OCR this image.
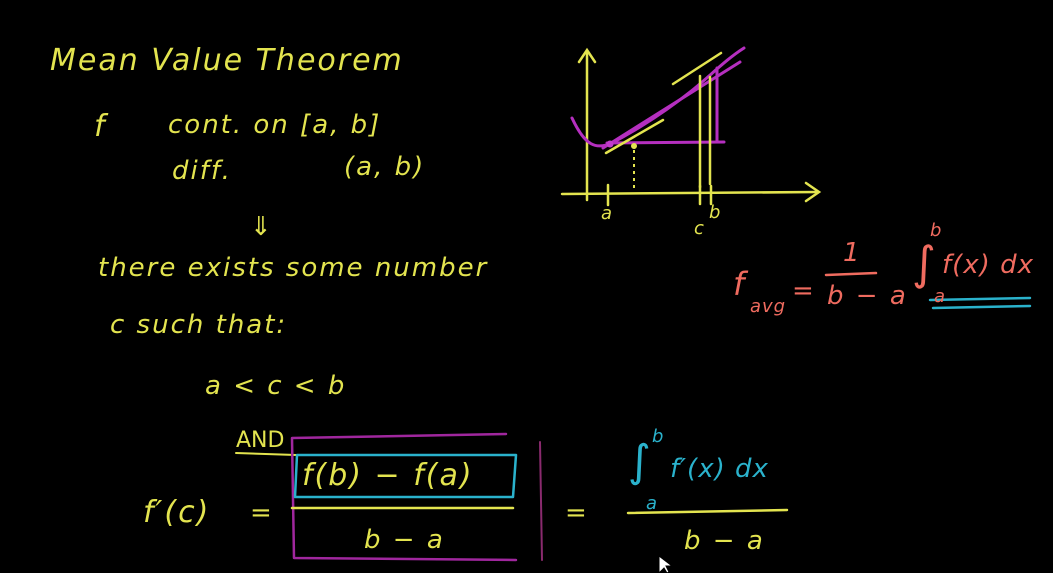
Mean Value Theorem
f cont. on [a, b]
diff.	(a, b)
⇓
there exists some number
c such that:
a < c < b
AND
a
c
b
f
avg
=
1
b − a
∫
b
a
f(x) dx
f′(c) =
f(b) − f(a)
b − a
=
∫ b
a
f′(x) dx
b − a
